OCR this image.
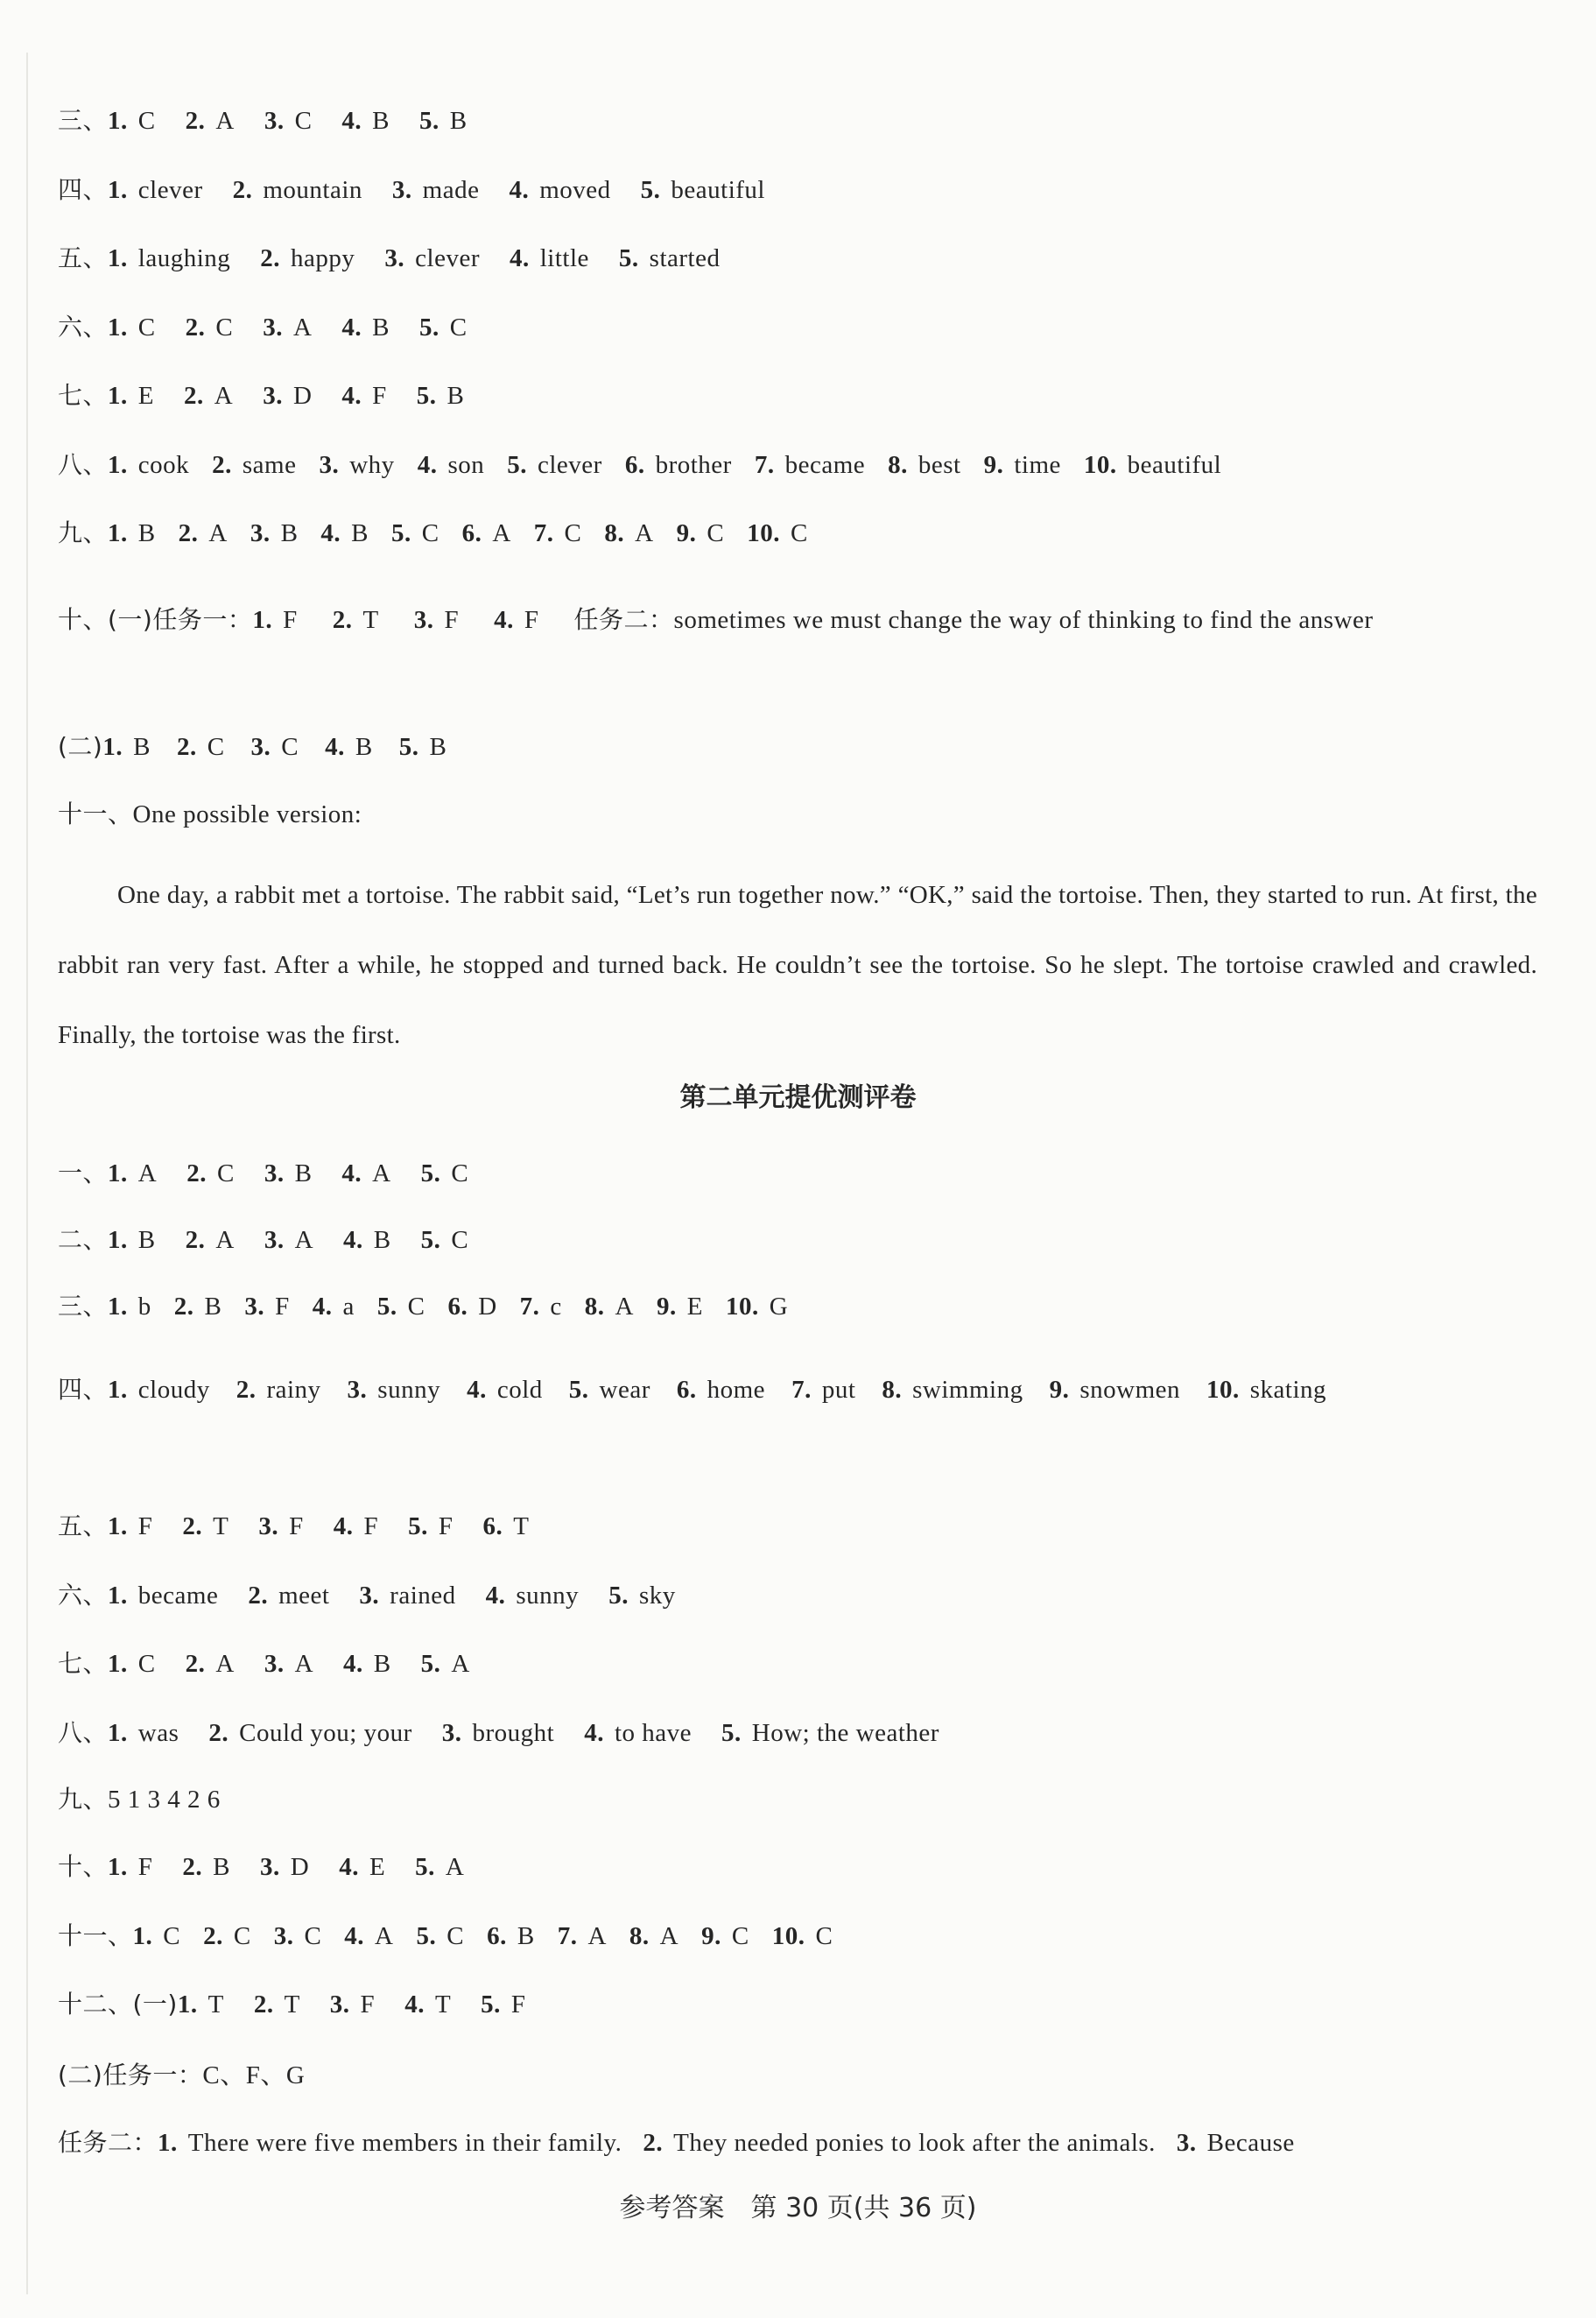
三、1. C 2. A 3. C 4. B 5. B
四、1. clever 2. mountain 3. made 4. moved 5. beautiful
五、1. laughing 2. happy 3. clever 4. little 5. started
六、1. C 2. C 3. A 4. B 5. C
七、1. E 2. A 3. D 4. F 5. B
八、1. cook 2. same 3. why 4. son 5. clever 6. brother 7. became 8. best 9. time 10. beautiful
九、1. B 2. A 3. B 4. B 5. C 6. A 7. C 8. A 9. C 10. C
十、(一)任务一：1. F 2. T 3. F 4. F 任务二：sometimes we must change the way of thinking to find the answer
(二)1. B 2. C 3. C 4. B 5. B
十一、One possible version:
One day, a rabbit met a tortoise. The rabbit said, “Let’s run together now.” “OK,” said the tortoise. Then, they started to run. At first, the rabbit ran very fast. After a while, he stopped and turned back. He couldn’t see the tortoise. So he slept. The tortoise crawled and crawled. Finally, the tortoise was the first.
第二单元提优测评卷
一、1. A 2. C 3. B 4. A 5. C
二、1. B 2. A 3. A 4. B 5. C
三、1. b 2. B 3. F 4. a 5. C 6. D 7. c 8. A 9. E 10. G
四、1. cloudy 2. rainy 3. sunny 4. cold 5. wear 6. home 7. put 8. swimming 9. snowmen 10. skating
五、1. F 2. T 3. F 4. F 5. F 6. T
六、1. became 2. meet 3. rained 4. sunny 5. sky
七、1. C 2. A 3. A 4. B 5. A
八、1. was 2. Could you; your 3. brought 4. to have 5. How; the weather
九、5 1 3 4 2 6
十、1. F 2. B 3. D 4. E 5. A
十一、1. C 2. C 3. C 4. A 5. C 6. B 7. A 8. A 9. C 10. C
十二、(一)1. T 2. T 3. F 4. T 5. F
(二)任务一：C、F、G
任务二：1. There were five members in their family. 2. They needed ponies to look after the animals. 3. Because
参考答案　第 30 页(共 36 页)
